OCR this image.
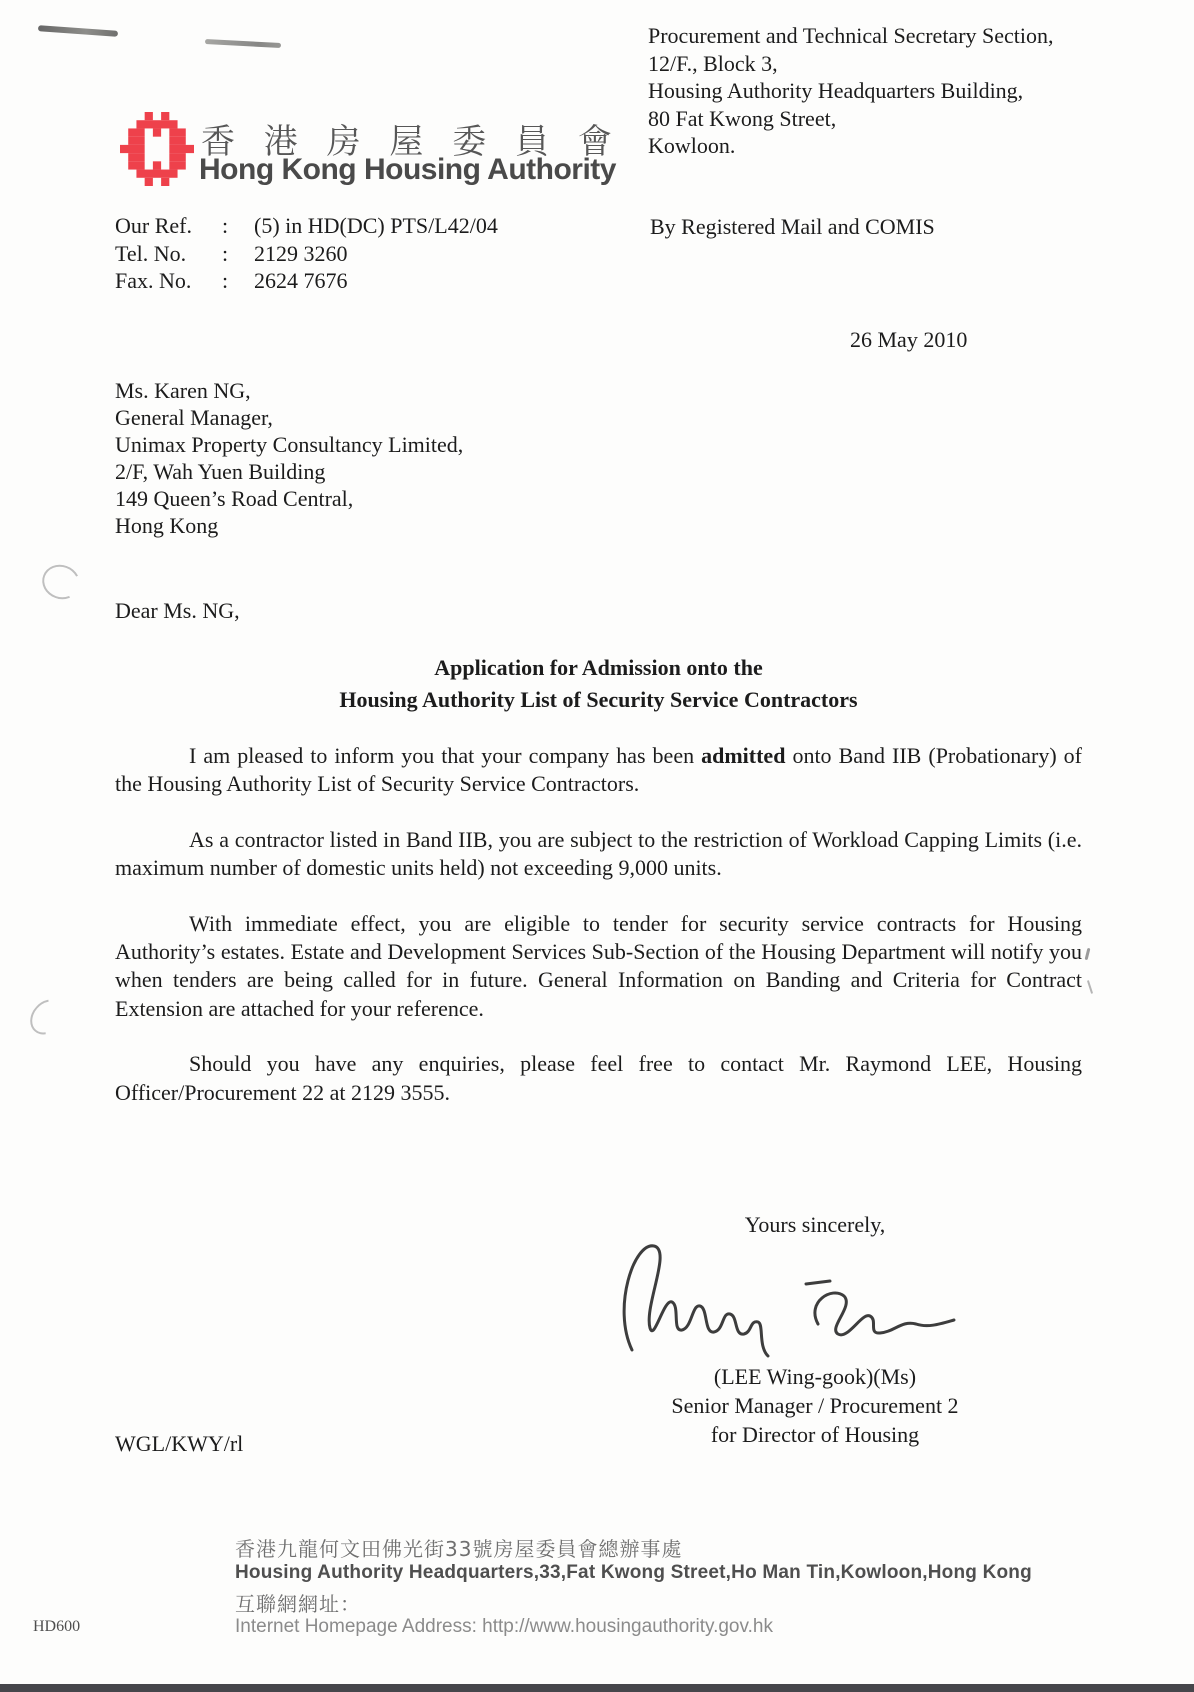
香 港 房 屋 委 員 會
Hong Kong Housing Authority
Procurement and Technical Secretary Section,
12/F., Block 3,
Housing Authority Headquarters Building,
80 Fat Kwong Street,
Kowloon.
Our Ref.	:	(5) in HD(DC) PTS/L42/04
Tel. No.	:	2129 3260
Fax. No.	:	2624 7676
By Registered Mail and COMIS
26 May 2010
Ms. Karen NG,
General Manager,
Unimax Property Consultancy Limited,
2/F, Wah Yuen Building
149 Queen’s Road Central,
Hong Kong

Dear Ms. NG,

Application for Admission onto the
Housing Authority List of Security Service Contractors

I am pleased to inform you that your company has been admitted onto Band IIB (Probationary) of the Housing Authority List of Security Service Contractors.

As a contractor listed in Band IIB, you are subject to the restriction of Workload Capping Limits (i.e. maximum number of domestic units held) not exceeding 9,000 units.

With immediate effect, you are eligible to tender for security service contracts for Housing Authority’s estates. Estate and Development Services Sub-Section of the Housing Department will notify you when tenders are being called for in future. General Information on Banding and Criteria for Contract Extension are attached for your reference.

Should you have any enquiries, please feel free to contact Mr. Raymond LEE, Housing Officer/Procurement 22 at 2129 3555.

Yours sincerely,
(LEE Wing-gook)(Ms)
Senior Manager / Procurement 2
for Director of Housing
WGL/KWY/rl
香港九龍何文田佛光街33號房屋委員會總辦事處
Housing Authority Headquarters,33,Fat Kwong Street,Ho Man Tin,Kowloon,Hong Kong
互聯網網址：
Internet Homepage Address: http://www.housingauthority.gov.hk
HD600
